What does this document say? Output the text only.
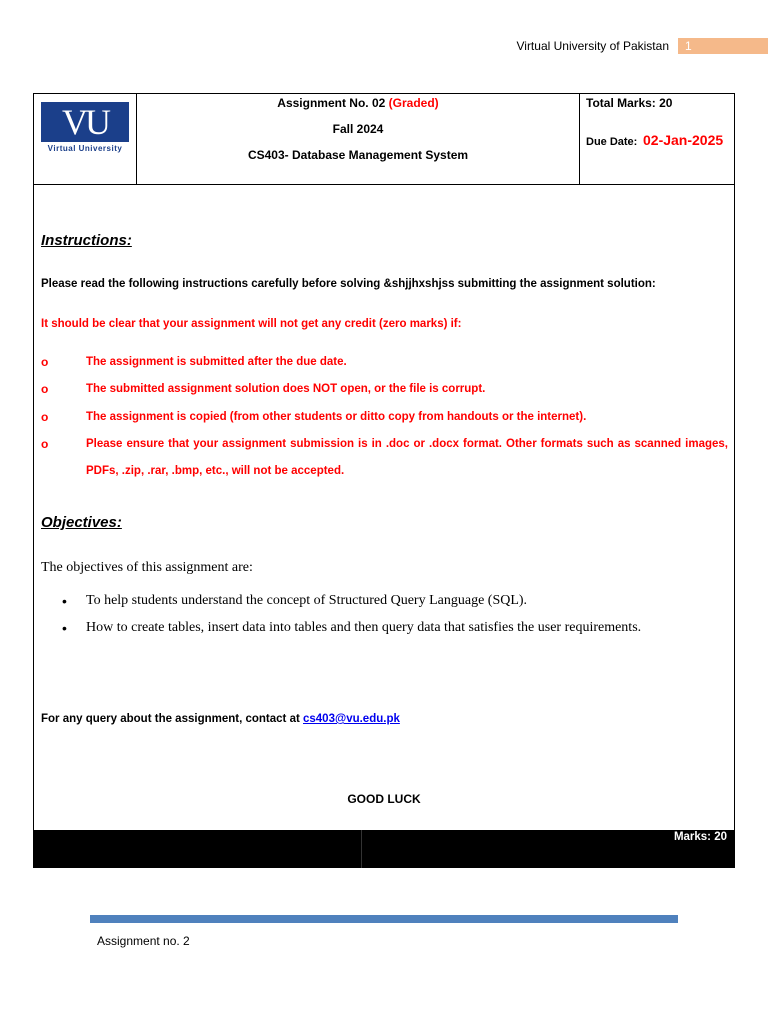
Virtual University of Pakistan	1
VU
Virtual University
Assignment No. 02 (Graded)
Fall 2024
CS403- Database Management System
Total Marks: 20
Due Date: 02-Jan-2025
Instructions:
Please read the following instructions carefully before solving &shjjhxshjss submitting the assignment solution:
It should be clear that your assignment will not get any credit (zero marks) if:
o	The assignment is submitted after the due date.
o	The submitted assignment solution does NOT open, or the file is corrupt.
o	The assignment is copied (from other students or ditto copy from handouts or the internet).
o	Please ensure that your assignment submission is in .doc or .docx format. Other formats such as scanned images, PDFs, .zip, .rar, .bmp, etc., will not be accepted.
Objectives:
The objectives of this assignment are:
• To help students understand the concept of Structured Query Language (SQL).
• How to create tables, insert data into tables and then query data that satisfies the user requirements.
For any query about the assignment, contact at cs403@vu.edu.pk
GOOD LUCK
Marks: 20
Assignment no. 2
